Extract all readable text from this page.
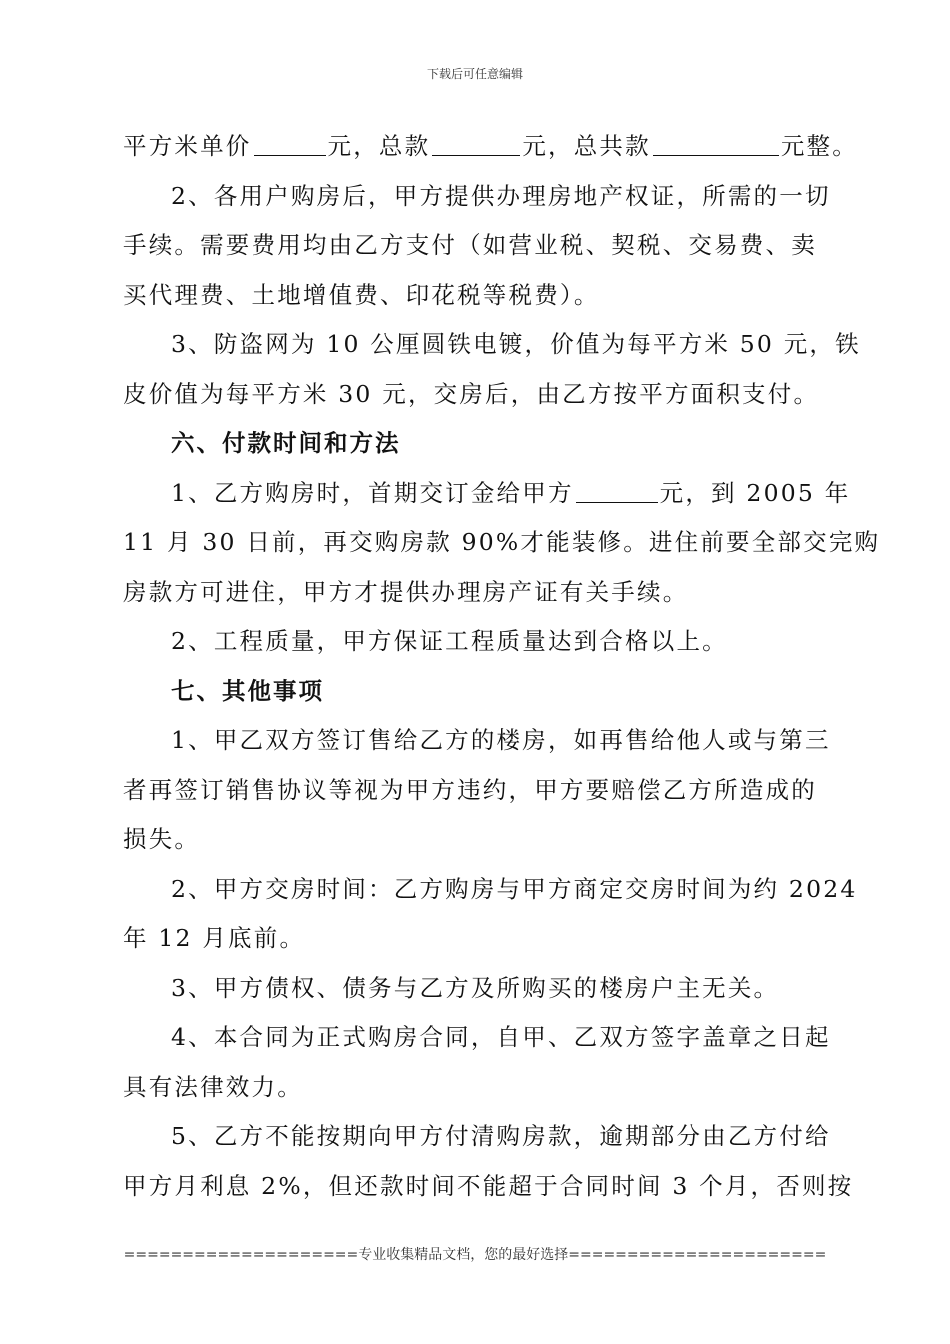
下载后可任意编辑

平方米单价	元，总款	元，总共款	元整。

2、各用户购房后，甲方提供办理房地产权证，所需的一切

手续。需要费用均由乙方支付（如营业税、契税、交易费、卖

买代理费、土地增值费、印花税等税费）。

3、防盗网为 10 公厘圆铁电镀，价值为每平方米 50 元，铁

皮价值为每平方米 30 元，交房后，由乙方按平方面积支付。

六、付款时间和方法

1、乙方购房时，首期交订金给甲方	元，到 2005 年

11 月 30 日前，再交购房款 90%才能装修。进住前要全部交完购

房款方可进住，甲方才提供办理房产证有关手续。

2、工程质量，甲方保证工程质量达到合格以上。

七、其他事项

1、甲乙双方签订售给乙方的楼房，如再售给他人或与第三

者再签订销售协议等视为甲方违约，甲方要赔偿乙方所造成的

损失。

2、甲方交房时间：乙方购房与甲方商定交房时间为约 2024

年 12 月底前。

3、甲方债权、债务与乙方及所购买的楼房户主无关。

4、本合同为正式购房合同，自甲、乙双方签字盖章之日起

具有法律效力。

5、乙方不能按期向甲方付清购房款，逾期部分由乙方付给

甲方月利息 2%，但还款时间不能超于合同时间 3 个月，否则按

====================专业收集精品文档，您的最好选择======================
